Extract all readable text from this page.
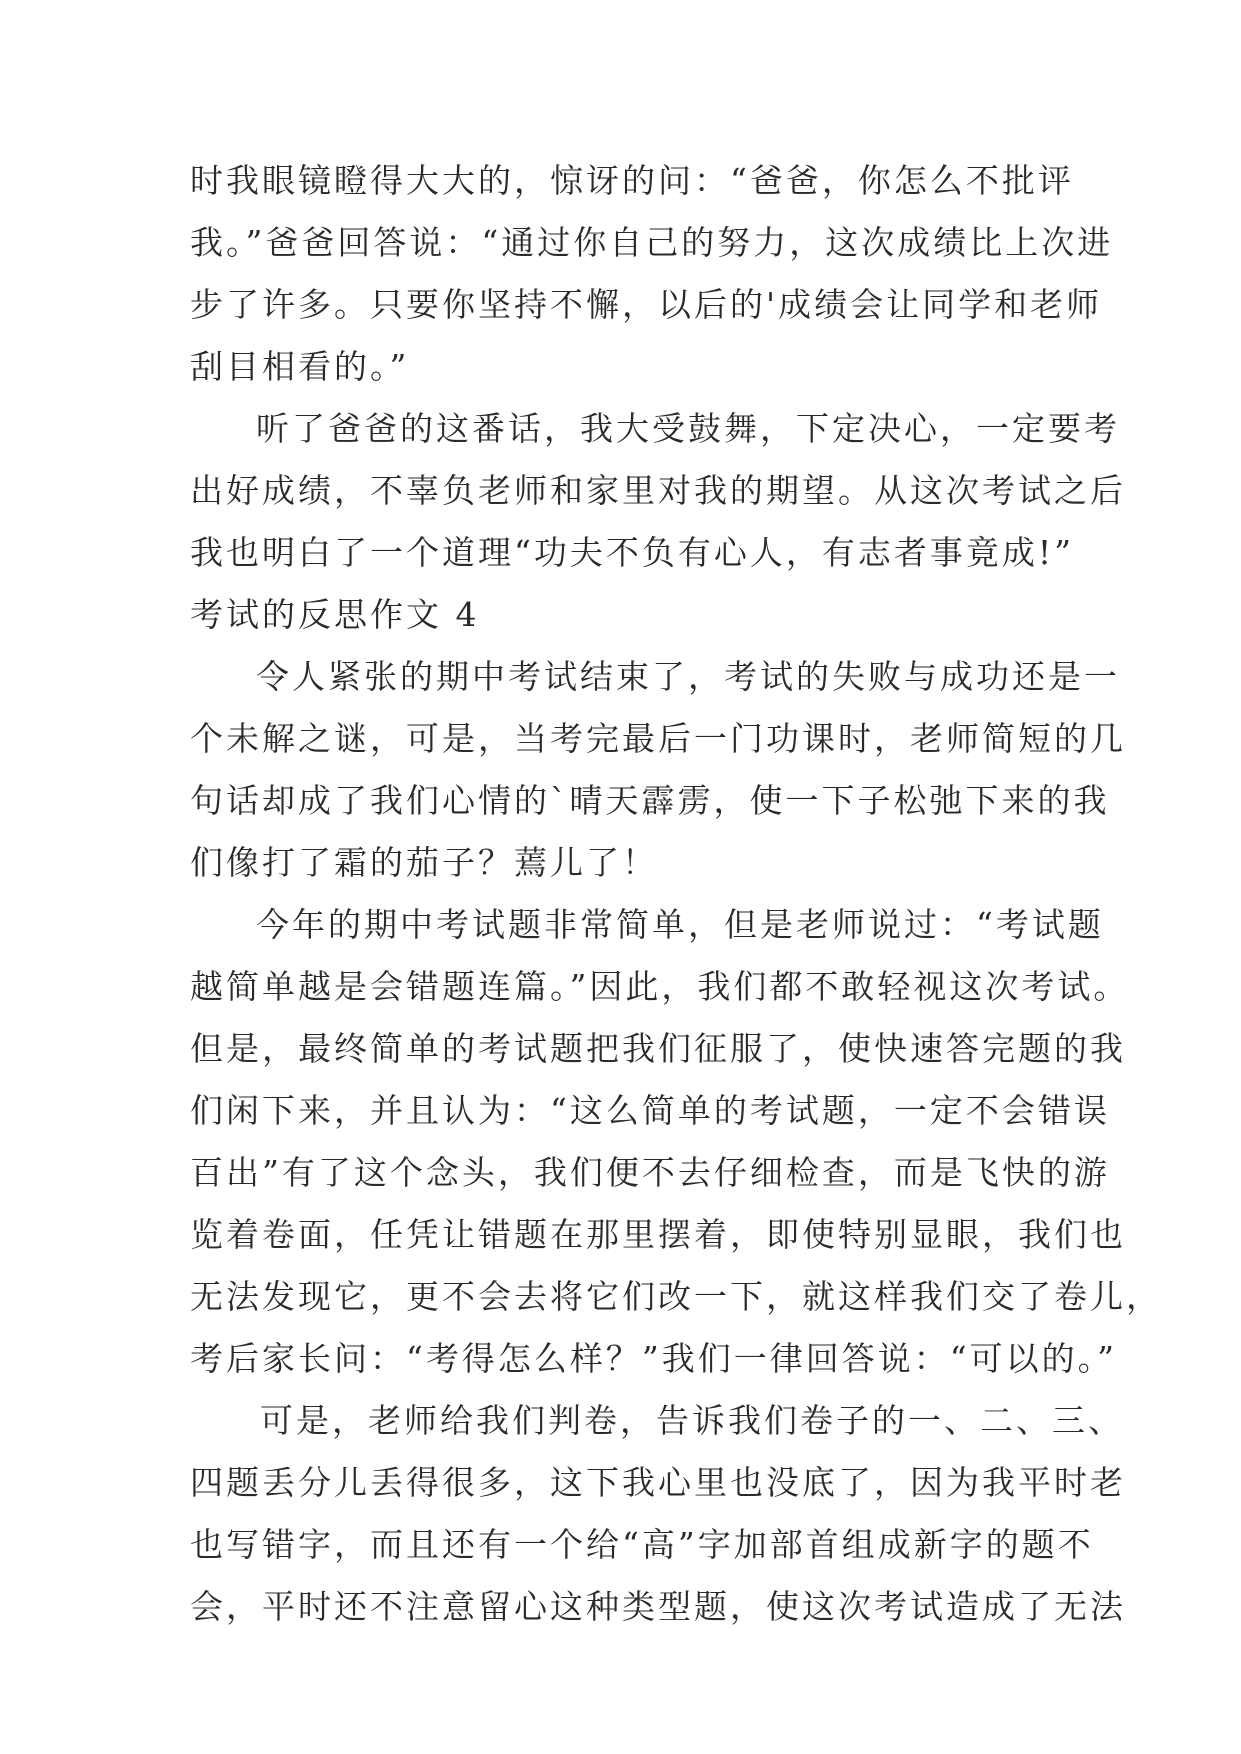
时我眼镜瞪得大大的，惊讶的问：“爸爸，你怎么不批评
我。”爸爸回答说：“通过你自己的努力，这次成绩比上次进
步了许多。只要你坚持不懈，以后的'成绩会让同学和老师
刮目相看的。”
听了爸爸的这番话，我大受鼓舞，下定决心，一定要考
出好成绩，不辜负老师和家里对我的期望。从这次考试之后
我也明白了一个道理“功夫不负有心人，有志者事竟成!”
考试的反思作文 4
令人紧张的期中考试结束了，考试的失败与成功还是一
个未解之谜，可是，当考完最后一门功课时，老师简短的几
句话却成了我们心情的`晴天霹雳，使一下子松弛下来的我
们像打了霜的茄子？蔫儿了！
今年的期中考试题非常简单，但是老师说过：“考试题
越简单越是会错题连篇。”因此，我们都不敢轻视这次考试。
但是，最终简单的考试题把我们征服了，使快速答完题的我
们闲下来，并且认为：“这么简单的考试题，一定不会错误
百出”有了这个念头，我们便不去仔细检查，而是飞快的游
览着卷面，任凭让错题在那里摆着，即使特别显眼，我们也
无法发现它，更不会去将它们改一下，就这样我们交了卷儿，
考后家长问：“考得怎么样？”我们一律回答说：“可以的。”
可是，老师给我们判卷，告诉我们卷子的一、二、三、
四题丢分儿丢得很多，这下我心里也没底了，因为我平时老
也写错字，而且还有一个给“高”字加部首组成新字的题不
会，平时还不注意留心这种类型题，使这次考试造成了无法
